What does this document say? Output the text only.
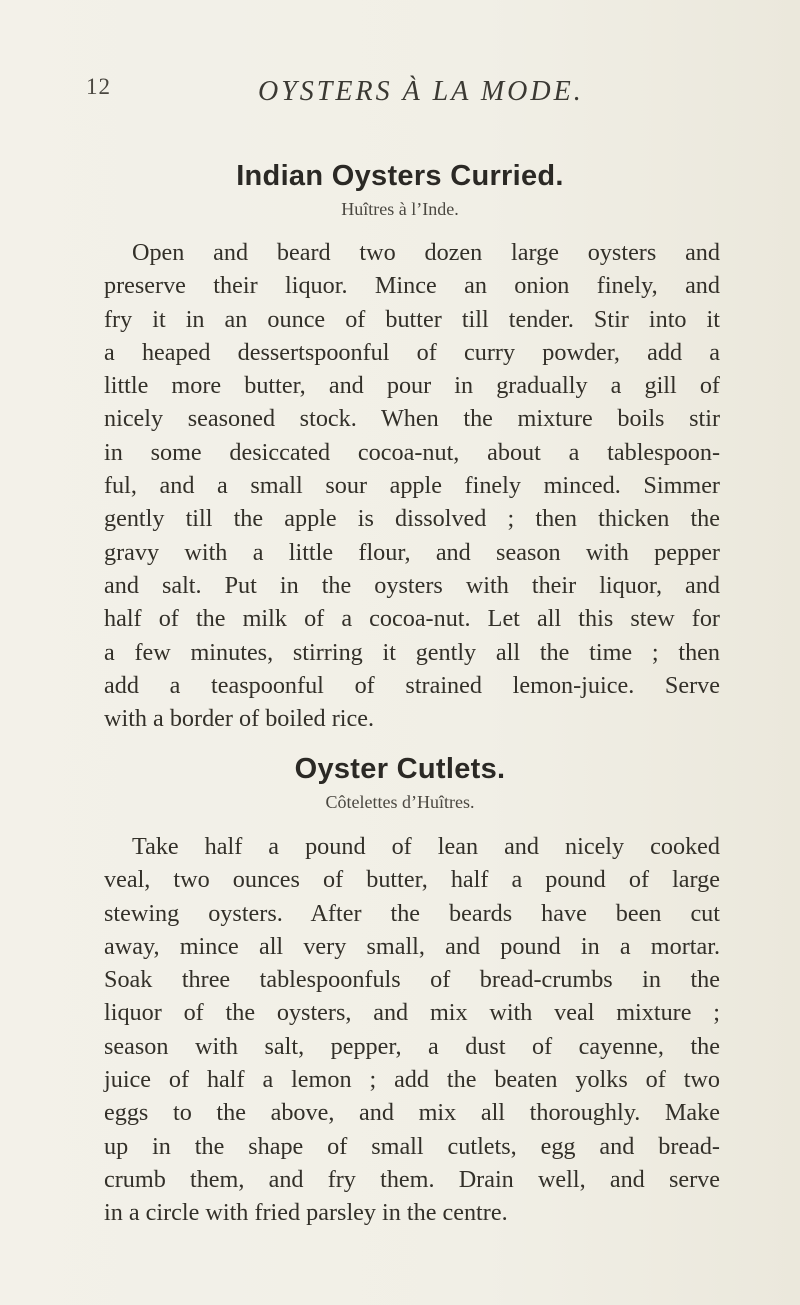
12	OYSTERS À LA MODE.
Indian Oysters Curried.
Huîtres à l’Inde.
Open and beard two dozen large oysters and
preserve their liquor. Mince an onion finely, and
fry it in an ounce of butter till tender. Stir into it
a heaped dessertspoonful of curry powder, add a
little more butter, and pour in gradually a gill of
nicely seasoned stock. When the mixture boils stir
in some desiccated cocoa-nut, about a tablespoon-
ful, and a small sour apple finely minced. Simmer
gently till the apple is dissolved ; then thicken the
gravy with a little flour, and season with pepper
and salt. Put in the oysters with their liquor, and
half of the milk of a cocoa-nut. Let all this stew for
a few minutes, stirring it gently all the time ; then
add a teaspoonful of strained lemon-juice. Serve
with a border of boiled rice.
Oyster Cutlets.
Côtelettes d’Huîtres.
Take half a pound of lean and nicely cooked
veal, two ounces of butter, half a pound of large
stewing oysters. After the beards have been cut
away, mince all very small, and pound in a mortar.
Soak three tablespoonfuls of bread-crumbs in the
liquor of the oysters, and mix with veal mixture ;
season with salt, pepper, a dust of cayenne, the
juice of half a lemon ; add the beaten yolks of two
eggs to the above, and mix all thoroughly. Make
up in the shape of small cutlets, egg and bread-
crumb them, and fry them. Drain well, and serve
in a circle with fried parsley in the centre.
